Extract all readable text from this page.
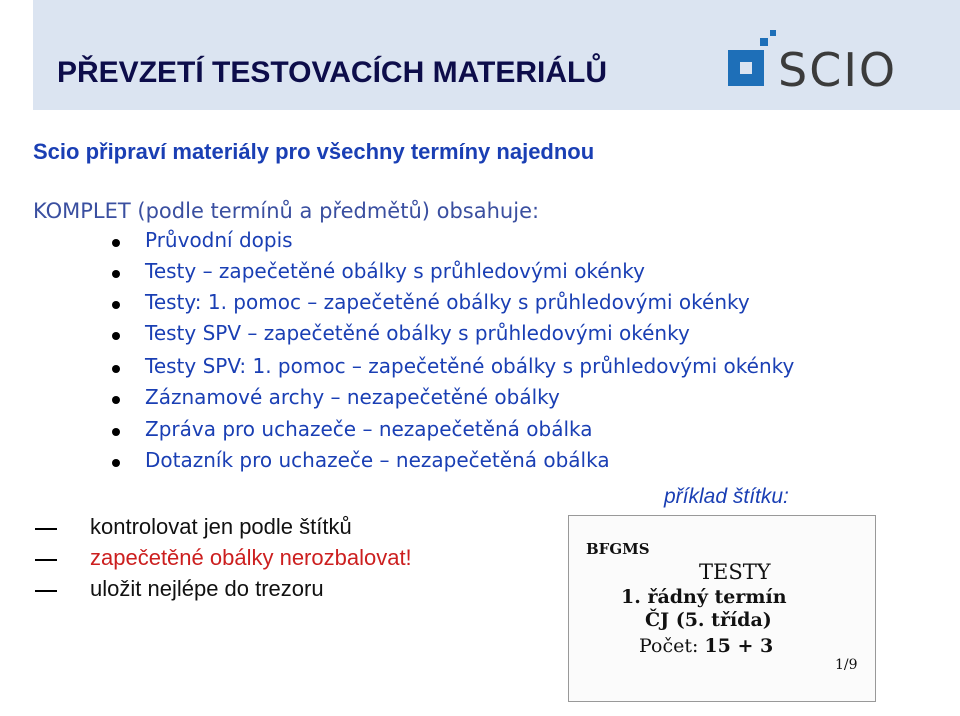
PŘEVZETÍ TESTOVACÍCH MATERIÁLŮ	SCIO
Scio připraví materiály pro všechny termíny najednou
KOMPLET (podle termínů a předmětů) obsahuje:
Průvodní dopis
Testy – zapečetěné obálky s průhledovými okénky
Testy: 1. pomoc – zapečetěné obálky s průhledovými okénky
Testy SPV – zapečetěné obálky s průhledovými okénky
Testy SPV: 1. pomoc – zapečetěné obálky s průhledovými okénky
Záznamové archy – nezapečetěné obálky
Zpráva pro uchazeče – nezapečetěná obálka
Dotazník pro uchazeče – nezapečetěná obálka
kontrolovat jen podle štítků
zapečetěné obálky nerozbalovat!
uložit nejlépe do trezoru
příklad štítku:
BFGMS
TESTY
1. řádný termín
ČJ (5. třída)
Počet: 15 + 3
1/9
